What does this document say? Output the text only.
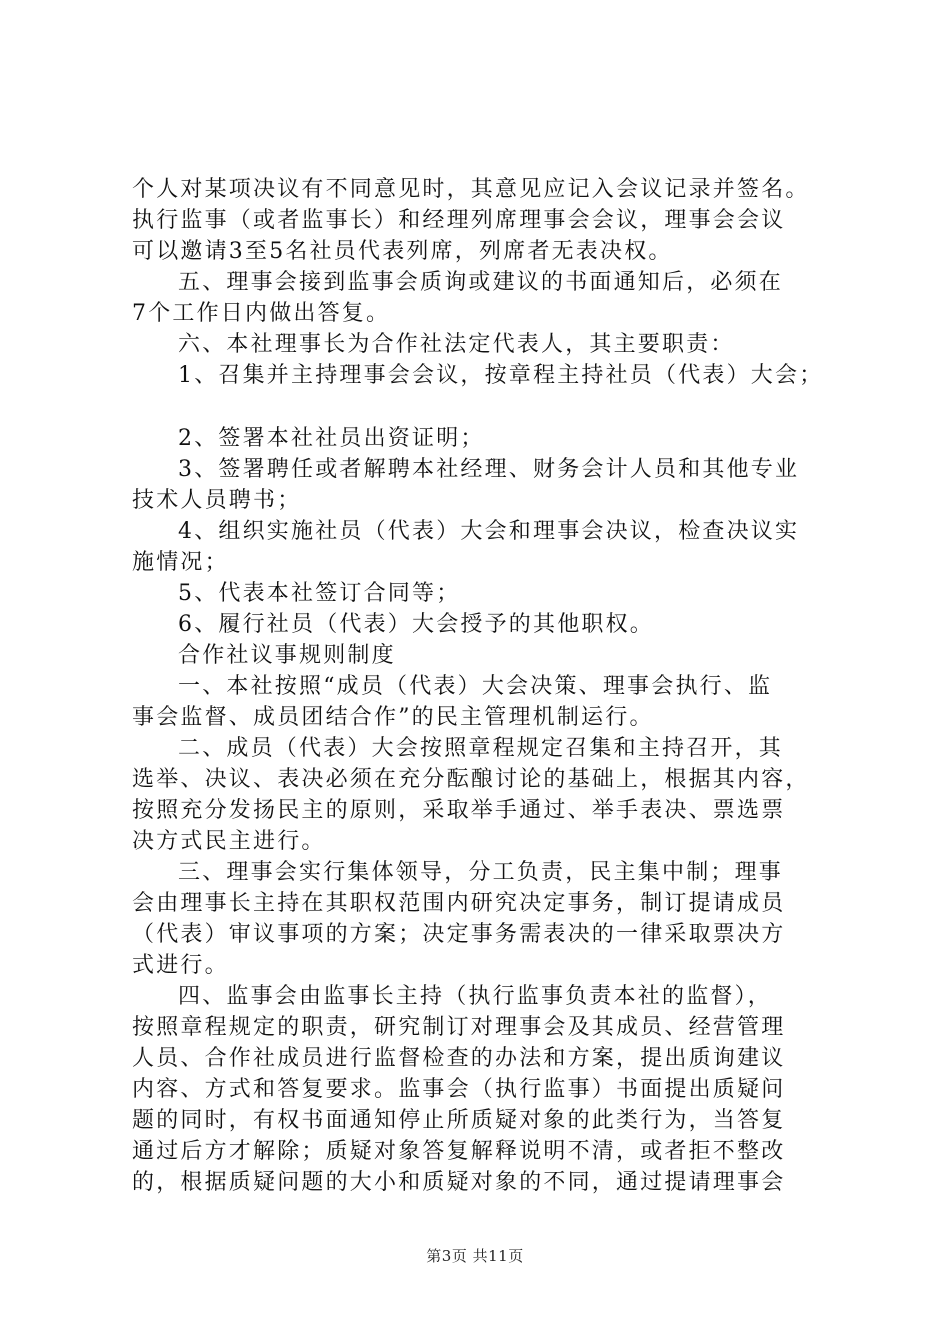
个人对某项决议有不同意见时，其意见应记入会议记录并签名。
执行监事（或者监事长）和经理列席理事会会议，理事会会议
可以邀请3至5名社员代表列席，列席者无表决权。
五、理事会接到监事会质询或建议的书面通知后，必须在
7个工作日内做出答复。
六、本社理事长为合作社法定代表人，其主要职责：
1、召集并主持理事会会议，按章程主持社员（代表）大会；
2、签署本社社员出资证明；
3、签署聘任或者解聘本社经理、财务会计人员和其他专业
技术人员聘书；
4、组织实施社员（代表）大会和理事会决议，检查决议实
施情况；
5、代表本社签订合同等；
6、履行社员（代表）大会授予的其他职权。
合作社议事规则制度
一、本社按照“成员（代表）大会决策、理事会执行、监
事会监督、成员团结合作”的民主管理机制运行。
二、成员（代表）大会按照章程规定召集和主持召开，其
选举、决议、表决必须在充分酝酿讨论的基础上，根据其内容，
按照充分发扬民主的原则，采取举手通过、举手表决、票选票
决方式民主进行。
三、理事会实行集体领导，分工负责，民主集中制；理事
会由理事长主持在其职权范围内研究决定事务，制订提请成员
（代表）审议事项的方案；决定事务需表决的一律采取票决方
式进行。
四、监事会由监事长主持（执行监事负责本社的监督），
按照章程规定的职责，研究制订对理事会及其成员、经营管理
人员、合作社成员进行监督检查的办法和方案，提出质询建议
内容、方式和答复要求。监事会（执行监事）书面提出质疑问
题的同时，有权书面通知停止所质疑对象的此类行为，当答复
通过后方才解除；质疑对象答复解释说明不清，或者拒不整改
的，根据质疑问题的大小和质疑对象的不同，通过提请理事会
第3页 共11页
